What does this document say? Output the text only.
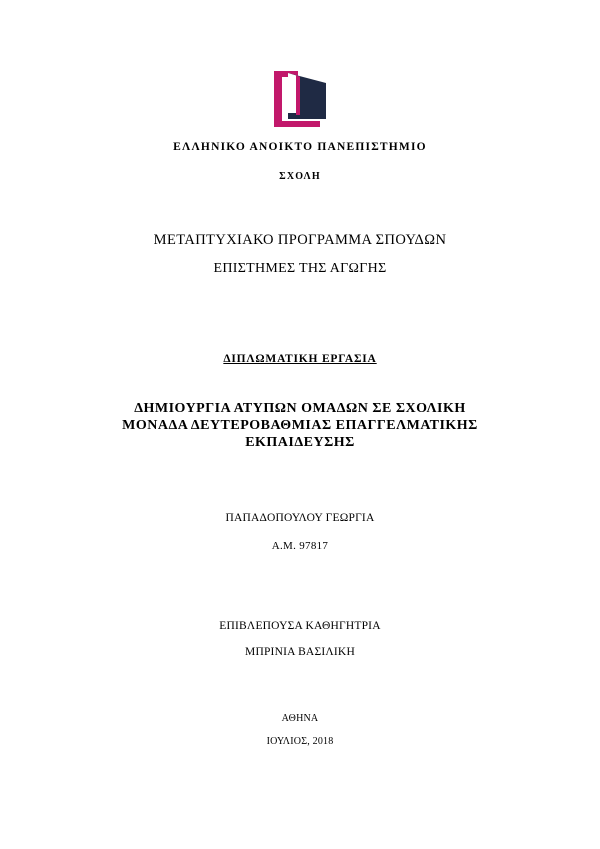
ΕΛΛΗΝΙΚΟ ΑΝΟΙΚΤΟ ΠΑΝΕΠΙΣΤΗΜΙΟ
ΣΧΟΛΗ
ΜΕΤΑΠΤΥΧΙΑΚΟ ΠΡΟΓΡΑΜΜΑ ΣΠΟΥΔΩΝ
ΕΠΙΣΤΗΜΕΣ ΤΗΣ ΑΓΩΓΗΣ
ΔΙΠΛΩΜΑΤΙΚΗ ΕΡΓΑΣΙΑ
ΔΗΜΙΟΥΡΓΙΑ ΑΤΥΠΩΝ ΟΜΑΔΩΝ ΣΕ ΣΧΟΛΙΚΗ
ΜΟΝΑΔΑ ΔΕΥΤΕΡΟΒΑΘΜΙΑΣ ΕΠΑΓΓΕΛΜΑΤΙΚΗΣ
ΕΚΠΑΙΔΕΥΣΗΣ
ΠΑΠΑΔΟΠΟΥΛΟΥ ΓΕΩΡΓΙΑ
Α.Μ. 97817
ΕΠΙΒΛΕΠΟΥΣΑ ΚΑΘΗΓΗΤΡΙΑ
ΜΠΡΙΝΙΑ ΒΑΣΙΛΙΚΗ
ΑΘΗΝΑ
ΙΟΥΛΙΟΣ, 2018
